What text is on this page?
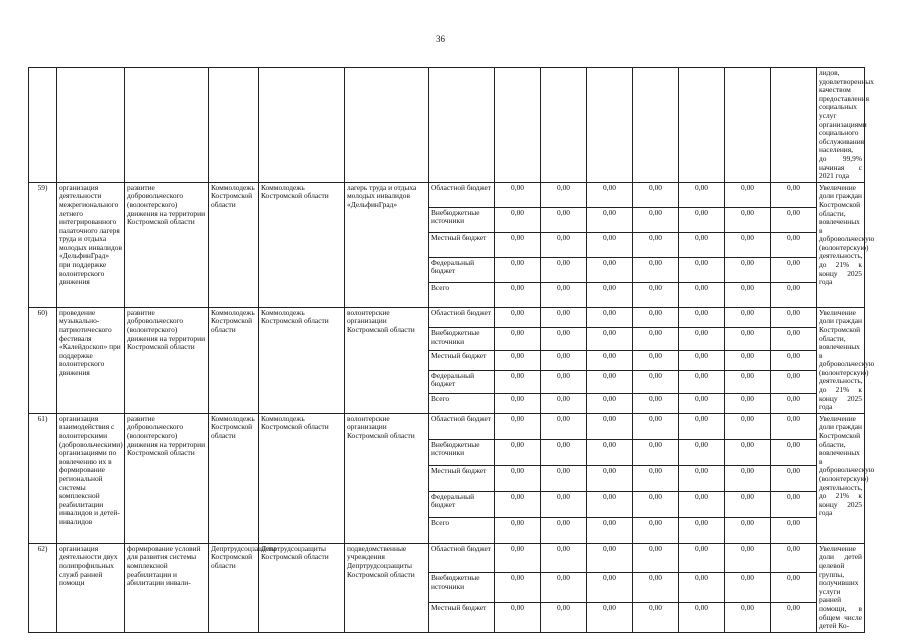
36
														лидов, удовлетворенных качеством предоставления социальных услуг организациями социального обслуживания населения, до 99,9% начиная с 2021 года
59)	организация деятельности межрегионального летнего интегрированного палаточного лагеря труда и отдыха молодых инвалидов «ДельфинГрад» при поддержке волонтерского движения	развитие добровольческого (волонтерского) движения на территории Костромской области	Коммолодежь Костромской области	Коммолодежь Костромской области	лагерь труда и отдыха молодых инвалидов «ДельфинГрад»	Областной бюджет	0,00	0,00	0,00	0,00	0,00	0,00	0,00	Увеличение доли граждан Костромской области, вовлеченных в добровольческую (волонтерскую) деятельность, до 21% к концу 2025 года
						Внебюджетные источники	0,00	0,00	0,00	0,00	0,00	0,00	0,00	
						Местный бюджет	0,00	0,00	0,00	0,00	0,00	0,00	0,00	
						Федеральный бюджет	0,00	0,00	0,00	0,00	0,00	0,00	0,00	
						Всего	0,00	0,00	0,00	0,00	0,00	0,00	0,00	
60)	проведение музыкально-патриотического фестиваля «Калейдоскоп» при поддержке волонтерского движения	развитие добровольческого (волонтерского) движения на территории Костромской области	Коммолодежь Костромской области	Коммолодежь Костромской области	волонтерские организации Костромской области	Областной бюджет	0,00	0,00	0,00	0,00	0,00	0,00	0,00	Увеличение доли граждан Костромской области, вовлеченных в добровольческую (волонтерскую) деятельность, до 21% к концу 2025 года
						Внебюджетные источники	0,00	0,00	0,00	0,00	0,00	0,00	0,00	
						Местный бюджет	0,00	0,00	0,00	0,00	0,00	0,00	0,00	
						Федеральный бюджет	0,00	0,00	0,00	0,00	0,00	0,00	0,00	
						Всего	0,00	0,00	0,00	0,00	0,00	0,00	0,00	
61)	организация взаимодействия с волонтерскими (добровольческими) организациями по вовлечению их в формирование региональной системы комплексной реабилитации инвалидов и детей-инвалидов	развитие добровольческого (волонтерского) движения на территории Костромской области	Коммолодежь Костромской области	Коммолодежь Костромской области	волонтерские организации Костромской области	Областной бюджет	0,00	0,00	0,00	0,00	0,00	0,00	0,00	Увеличение доли граждан Костромской области, вовлеченных в добровольческую (волонтерскую) деятельность, до 21% к концу 2025 года
						Внебюджетные источники	0,00	0,00	0,00	0,00	0,00	0,00	0,00	
						Местный бюджет	0,00	0,00	0,00	0,00	0,00	0,00	0,00	
						Федеральный бюджет	0,00	0,00	0,00	0,00	0,00	0,00	0,00	
						Всего	0,00	0,00	0,00	0,00	0,00	0,00	0,00	
62)	организация деятельности двух полипрофильных служб ранней помощи	формирование условий для развития системы комплексной реабилитации и абилитации инвали-	Депртрудсоцзащиты Костромской области	Депртрудсоцзащиты Костромской области	подведомственные учреждения Депртрудсоцзащиты Костромской области	Областной бюджет	0,00	0,00	0,00	0,00	0,00	0,00	0,00	Увеличение доли детей целевой группы, получивших услуги ранней помощи, в общем числе детей Ко-
						Внебюджетные источники	0,00	0,00	0,00	0,00	0,00	0,00	0,00	
						Местный бюджет	0,00	0,00	0,00	0,00	0,00	0,00	0,00	
